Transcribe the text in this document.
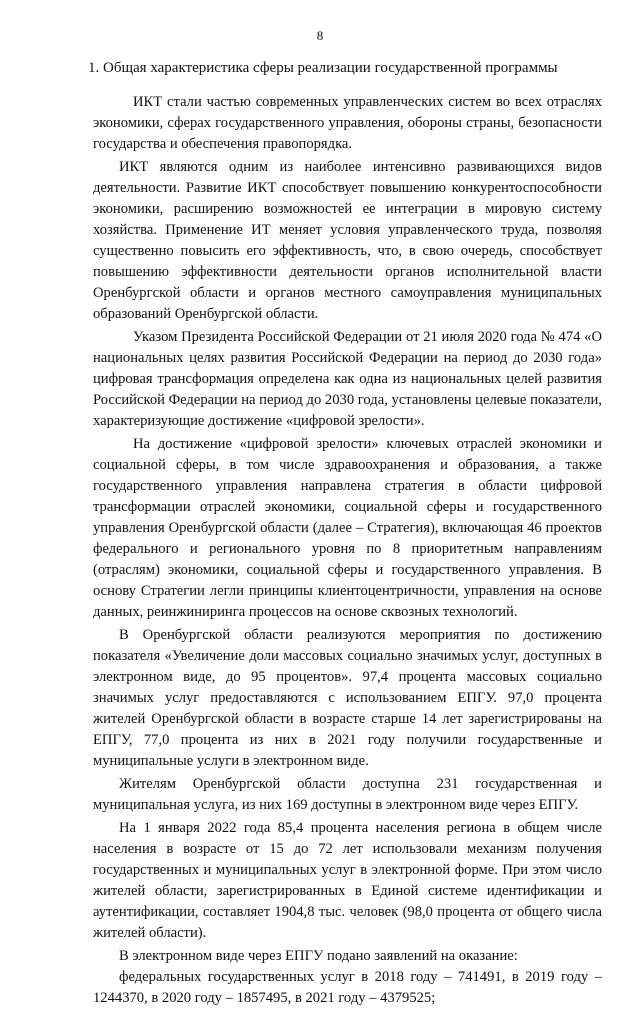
8
1. Общая характеристика сферы реализации государственной программы

ИКТ стали частью современных управленческих систем во всех отраслях экономики, сферах государственного управления, обороны страны, безопасности государства и обеспечения правопорядка.

ИКТ являются одним из наиболее интенсивно развивающихся видов деятельности. Развитие ИКТ способствует повышению конкурентоспособности экономики, расширению возможностей ее интеграции в мировую систему хозяйства. Применение ИТ меняет условия управленческого труда, позволяя существенно повысить его эффективность, что, в свою очередь, способствует повышению эффективности деятельности органов исполнительной власти Оренбургской области и органов местного самоуправления муниципальных образований Оренбургской области.

Указом Президента Российской Федерации от 21 июля 2020 года № 474 «О национальных целях развития Российской Федерации на период до 2030 года» цифровая трансформация определена как одна из национальных целей развития Российской Федерации на период до 2030 года, установлены целевые показатели, характеризующие достижение «цифровой зрелости».

На достижение «цифровой зрелости» ключевых отраслей экономики и социальной сферы, в том числе здравоохранения и образования, а также государственного управления направлена стратегия в области цифровой трансформации отраслей экономики, социальной сферы и государственного управления Оренбургской области (далее – Стратегия), включающая 46 проектов федерального и регионального уровня по 8 приоритетным направлениям (отраслям) экономики, социальной сферы и государственного управления. В основу Стратегии легли принципы клиентоцентричности, управления на основе данных, реинжиниринга процессов на основе сквозных технологий.

В Оренбургской области реализуются мероприятия по достижению показателя «Увеличение доли массовых социально значимых услуг, доступных в электронном виде, до 95 процентов». 97,4 процента массовых социально значимых услуг предоставляются с использованием ЕПГУ. 97,0 процента жителей Оренбургской области в возрасте старше 14 лет зарегистрированы на ЕПГУ, 77,0 процента из них в 2021 году получили государственные и муниципальные услуги в электронном виде.

Жителям Оренбургской области доступна 231 государственная и муниципальная услуга, из них 169 доступны в электронном виде через ЕПГУ.

На 1 января 2022 года 85,4 процента населения региона в общем числе населения в возрасте от 15 до 72 лет использовали механизм получения государственных и муниципальных услуг в электронной форме. При этом число жителей области, зарегистрированных в Единой системе идентификации и аутентификации, составляет 1904,8 тыс. человек (98,0 процента от общего числа жителей области).

В электронном виде через ЕПГУ подано заявлений на оказание:

федеральных государственных услуг в 2018 году – 741491, в 2019 году – 1244370, в 2020 году – 1857495, в 2021 году – 4379525;
